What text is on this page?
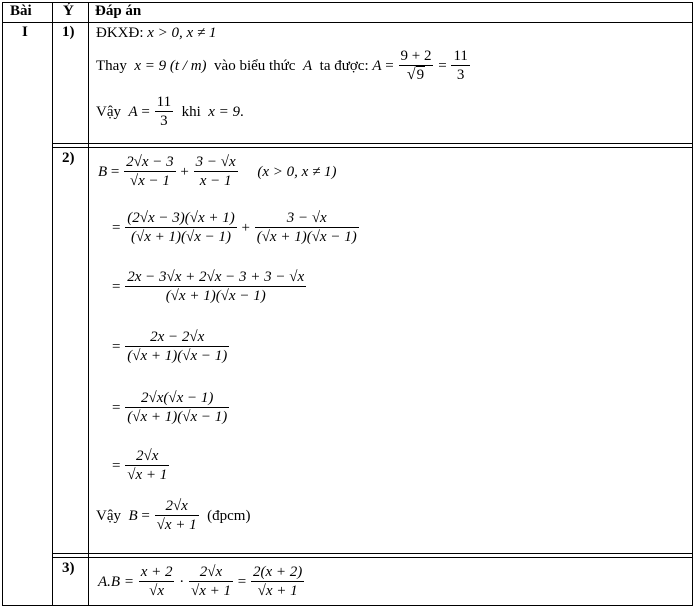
Bài Ý Đáp án
I 1) ĐKXĐ: x > 0, x ≠ 1
Thay
x = 9
(t / m)
vào biểu thức
A
ta được:
$A = \frac{9 + 2}{√9} = \frac{11}{3}$
Vậy
$A = \frac{11}{3}$
khi
x = 9 .
2)
$B = \frac{2√x - 3}{√x - 1} + \frac{3 - √x}{x - 1}$
(x > 0, x ≠ 1)
= $\frac{(2√x - 3)(√x + 1)}{(√x + 1)(√x - 1)} + \frac{3 - √x}{(√x + 1)(√x - 1)}$
= $\frac{2x - 3√x + 2√x - 3 + 3 - √x}{(√x + 1)(√x - 1)}$
= $\frac{2x - 2√x}{(√x + 1)(√x - 1)}$
= $\frac{2√x(√x - 1)}{(√x + 1)(√x - 1)}$
= $\frac{2√x}{√x + 1}$
Vậy
$B = \frac{2√x}{√x + 1}$
(đpcm)
3)
A.B =
$\frac{x + 2}{√x}$
·
$\frac{2√x}{√x + 1}$
=
$\frac{2(x + 2)}{√x + 1}$
